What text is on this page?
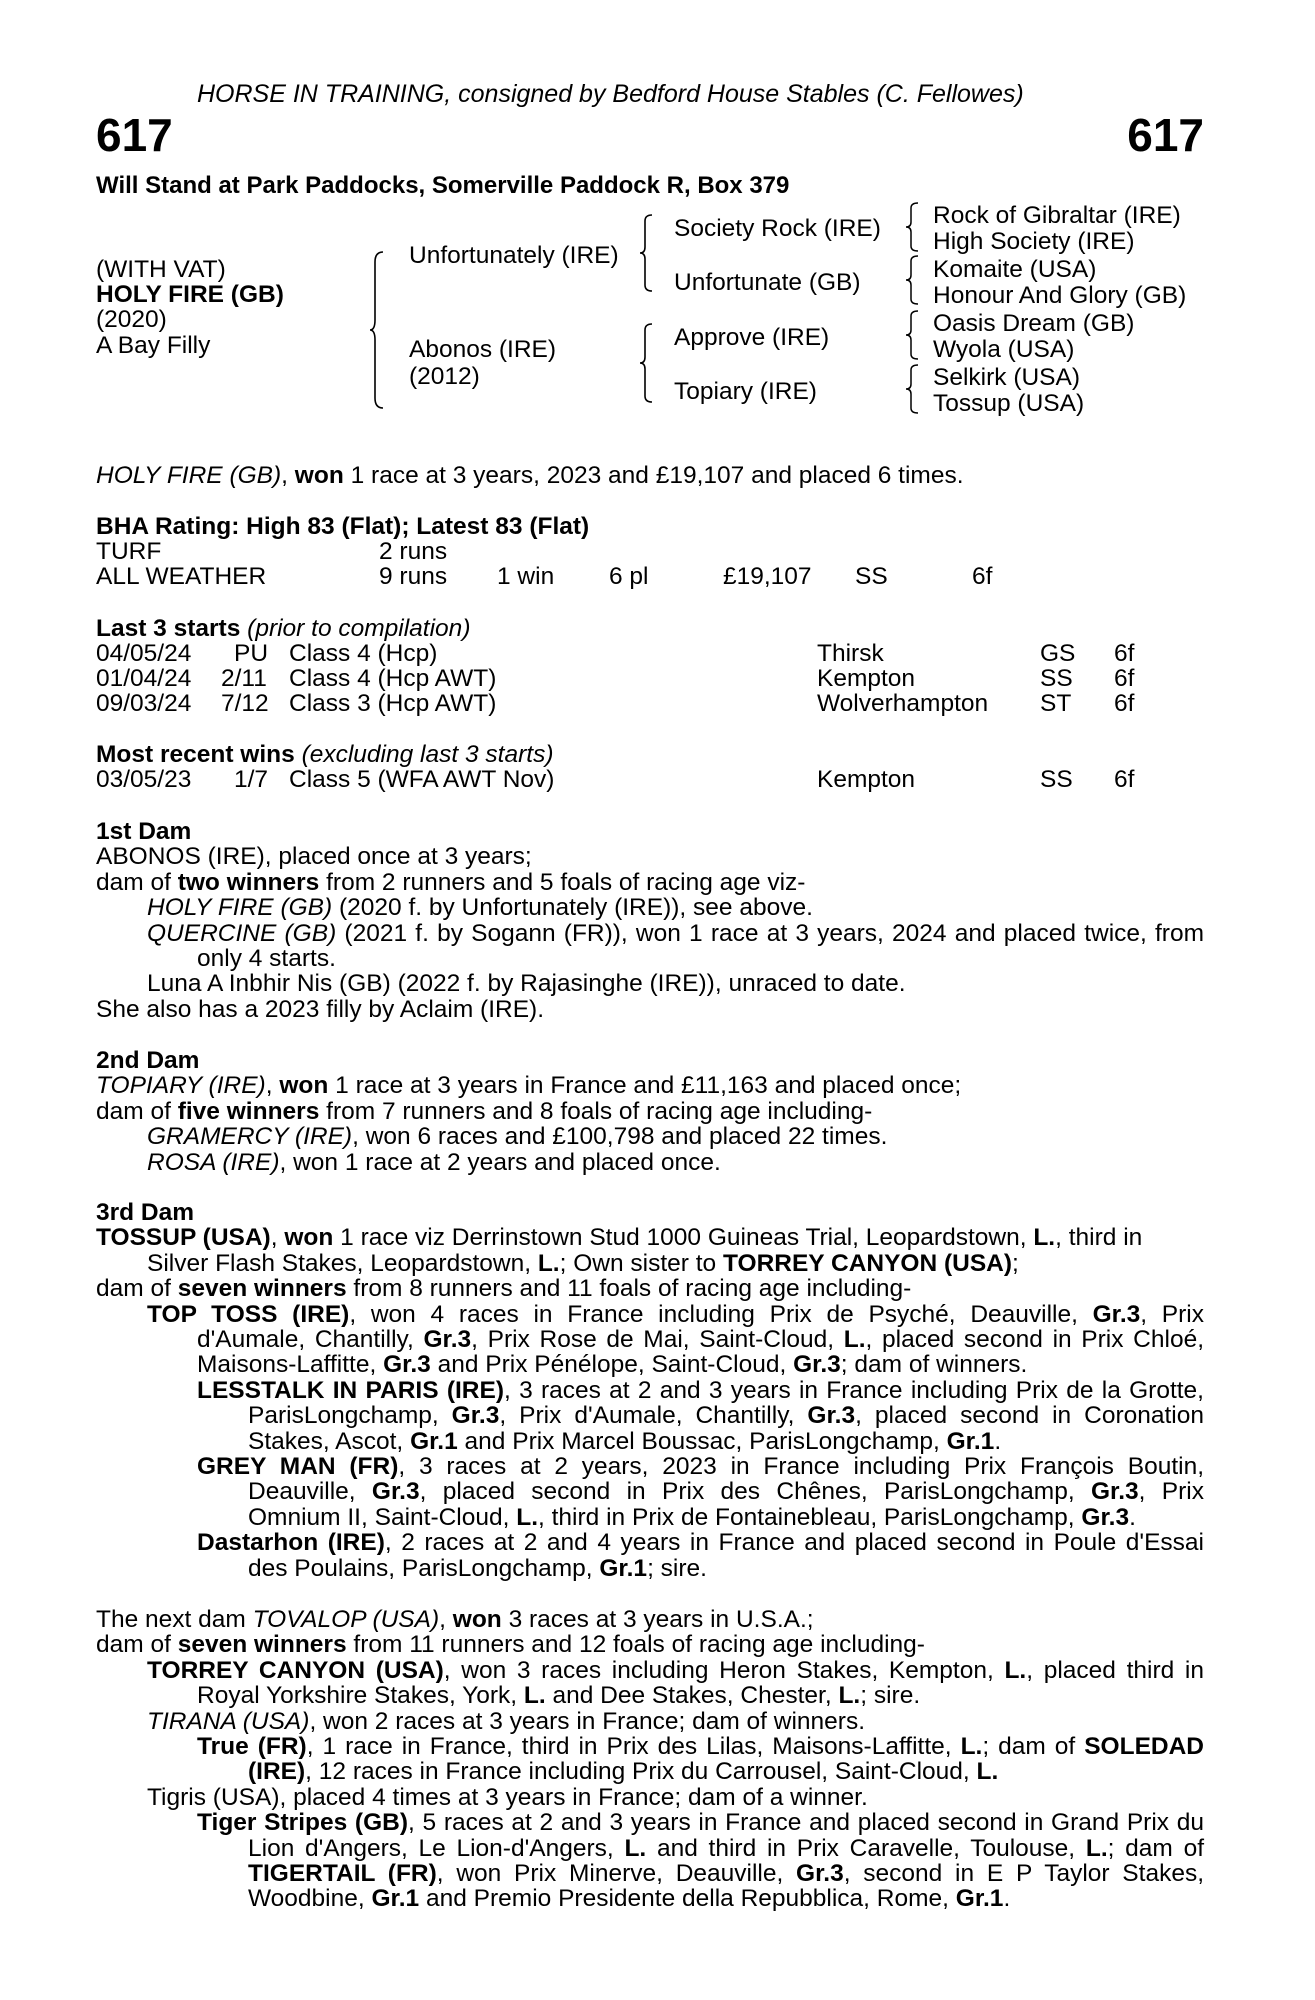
HORSE IN TRAINING, consigned by Bedford House Stables (C. Fellowes)
617	617
Will Stand at Park Paddocks, Somerville Paddock R, Box 379
(WITH VAT)
HOLY FIRE (GB)
(2020)
A Bay Filly
Unfortunately (IRE)
Abonos (IRE)
(2012)
Society Rock (IRE)
Unfortunate (GB)
Approve (IRE)
Topiary (IRE)
Rock of Gibraltar (IRE)
High Society (IRE)
Komaite (USA)
Honour And Glory (GB)
Oasis Dream (GB)
Wyola (USA)
Selkirk (USA)
Tossup (USA)
HOLY FIRE (GB), won 1 race at 3 years, 2023 and £19,107 and placed 6 times.
BHA Rating: High 83 (Flat); Latest 83 (Flat)
TURF	2 runs
ALL WEATHER	9 runs 1 win 6 pl	£19,107 SS	6f
Last 3 starts (prior to compilation)
04/05/24 PU Class 4 (Hcp)	Thirsk	GS 6f
01/04/24 2/11 Class 4 (Hcp AWT)	Kempton	SS 6f
09/03/24 7/12 Class 3 (Hcp AWT)	Wolverhampton ST 6f
Most recent wins (excluding last 3 starts)
03/05/23 1/7 Class 5 (WFA AWT Nov)	Kempton	SS 6f

1st Dam

ABONOS (IRE), placed once at 3 years;

dam of two winners from 2 runners and 5 foals of racing age viz-

HOLY FIRE (GB) (2020 f. by Unfortunately (IRE)), see above.

QUERCINE (GB) (2021 f. by Sogann (FR)), won 1 race at 3 years, 2024 and placed twice, from only 4 starts.

Luna A Inbhir Nis (GB) (2022 f. by Rajasinghe (IRE)), unraced to date.

She also has a 2023 filly by Aclaim (IRE).

2nd Dam

TOPIARY (IRE), won 1 race at 3 years in France and £11,163 and placed once;

dam of five winners from 7 runners and 8 foals of racing age including-

GRAMERCY (IRE), won 6 races and £100,798 and placed 22 times.

ROSA (IRE), won 1 race at 2 years and placed once.

3rd Dam

TOSSUP (USA), won 1 race viz Derrinstown Stud 1000 Guineas Trial, Leopardstown, L., third in Silver Flash Stakes, Leopardstown, L.; Own sister to TORREY CANYON (USA);

dam of seven winners from 8 runners and 11 foals of racing age including-

TOP TOSS (IRE), won 4 races in France including Prix de Psyché, Deauville, Gr.3, Prix d'Aumale, Chantilly, Gr.3, Prix Rose de Mai, Saint-Cloud, L., placed second in Prix Chloé, Maisons-Laffitte, Gr.3 and Prix Pénélope, Saint-Cloud, Gr.3; dam of winners.

LESSTALK IN PARIS (IRE), 3 races at 2 and 3 years in France including Prix de la Grotte, ParisLongchamp, Gr.3, Prix d'Aumale, Chantilly, Gr.3, placed second in Coronation Stakes, Ascot, Gr.1 and Prix Marcel Boussac, ParisLongchamp, Gr.1.

GREY MAN (FR), 3 races at 2 years, 2023 in France including Prix François Boutin, Deauville, Gr.3, placed second in Prix des Chênes, ParisLongchamp, Gr.3, Prix Omnium II, Saint-Cloud, L., third in Prix de Fontainebleau, ParisLongchamp, Gr.3.

Dastarhon (IRE), 2 races at 2 and 4 years in France and placed second in Poule d'Essai des Poulains, ParisLongchamp, Gr.1; sire.

The next dam TOVALOP (USA), won 3 races at 3 years in U.S.A.;

dam of seven winners from 11 runners and 12 foals of racing age including-

TORREY CANYON (USA), won 3 races including Heron Stakes, Kempton, L., placed third in Royal Yorkshire Stakes, York, L. and Dee Stakes, Chester, L.; sire.

TIRANA (USA), won 2 races at 3 years in France; dam of winners.

True (FR), 1 race in France, third in Prix des Lilas, Maisons-Laffitte, L.; dam of SOLEDAD (IRE), 12 races in France including Prix du Carrousel, Saint-Cloud, L.

Tigris (USA), placed 4 times at 3 years in France; dam of a winner.

Tiger Stripes (GB), 5 races at 2 and 3 years in France and placed second in Grand Prix du Lion d'Angers, Le Lion-d'Angers, L. and third in Prix Caravelle, Toulouse, L.; dam of TIGERTAIL (FR), won Prix Minerve, Deauville, Gr.3, second in E P Taylor Stakes, Woodbine, Gr.1 and Premio Presidente della Repubblica, Rome, Gr.1.
